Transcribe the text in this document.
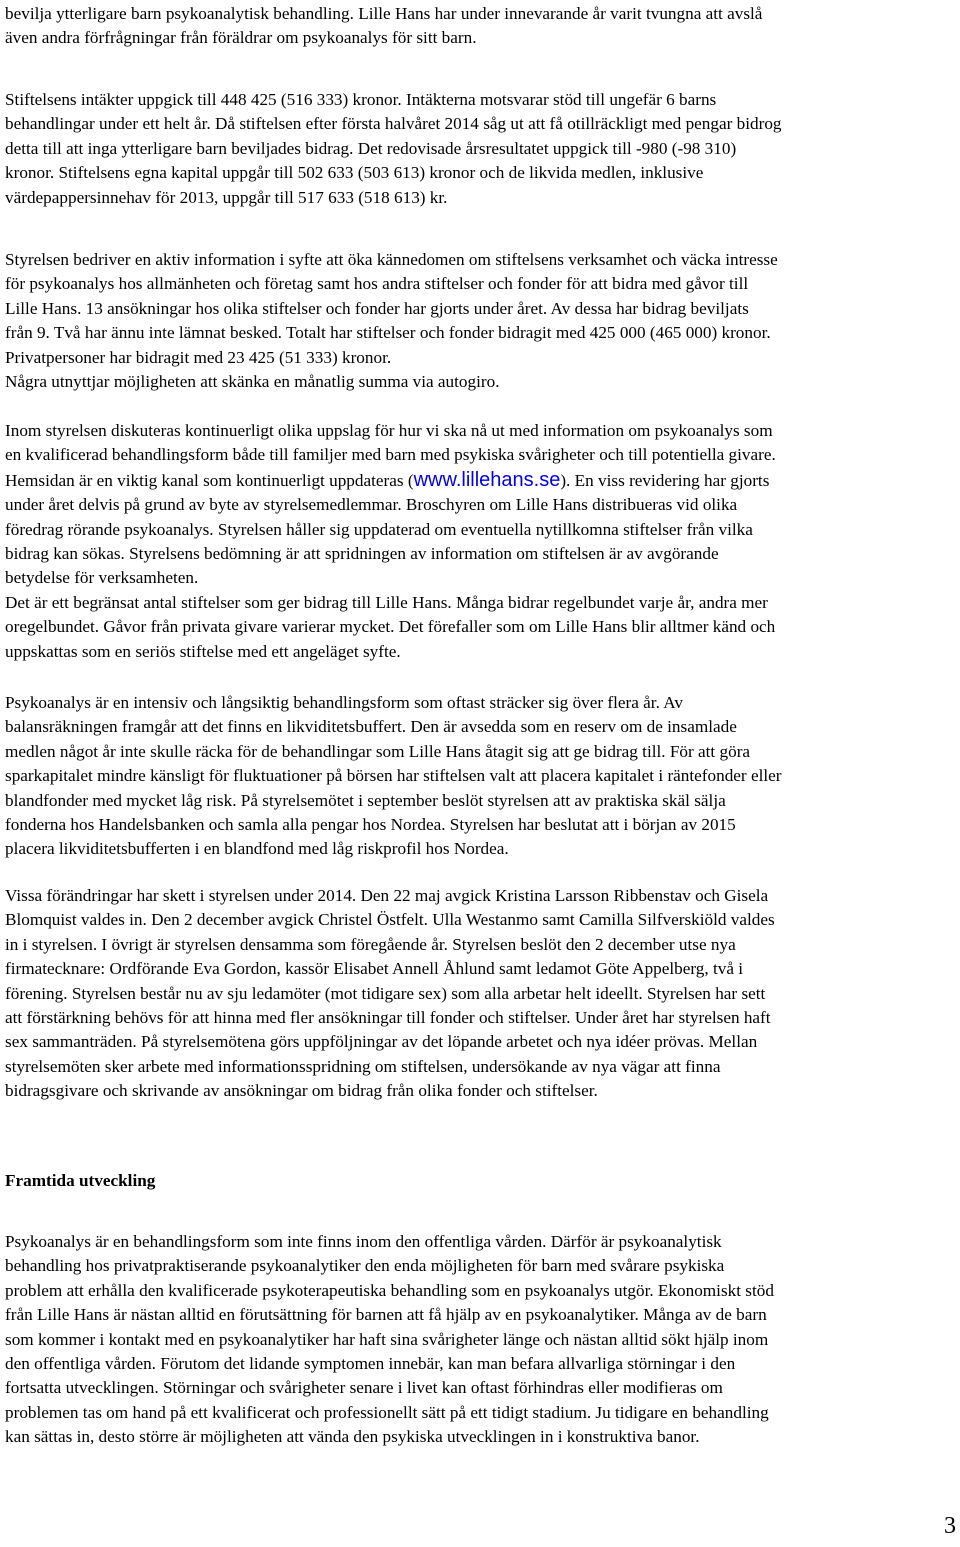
bevilja ytterligare barn psykoanalytisk behandling. Lille Hans har under innevarande år varit tvungna att avslå
även andra förfrågningar från föräldrar om psykoanalys för sitt barn.
Stiftelsens intäkter uppgick till 448 425 (516 333) kronor. Intäkterna motsvarar stöd till ungefär 6 barns
behandlingar under ett helt år. Då stiftelsen efter första halvåret 2014 såg ut att få otillräckligt med pengar bidrog
detta till att inga ytterligare barn beviljades bidrag. Det redovisade årsresultatet uppgick till -980 (-98 310)
kronor. Stiftelsens egna kapital uppgår till 502 633 (503 613) kronor och de likvida medlen, inklusive
värdepappersinnehav för 2013, uppgår till 517 633 (518 613) kr.
Styrelsen bedriver en aktiv information i syfte att öka kännedomen om stiftelsens verksamhet och väcka intresse
för psykoanalys hos allmänheten och företag samt hos andra stiftelser och fonder för att bidra med gåvor till
Lille Hans. 13 ansökningar hos olika stiftelser och fonder har gjorts under året. Av dessa har bidrag beviljats
från 9. Två har ännu inte lämnat besked. Totalt har stiftelser och fonder bidragit med 425 000 (465 000) kronor.
Privatpersoner har bidragit med 23 425 (51 333) kronor.
Några utnyttjar möjligheten att skänka en månatlig summa via autogiro.
Inom styrelsen diskuteras kontinuerligt olika uppslag för hur vi ska nå ut med information om psykoanalys som
en kvalificerad behandlingsform både till familjer med barn med psykiska svårigheter och till potentiella givare.
Hemsidan är en viktig kanal som kontinuerligt uppdateras (www.lillehans.se). En viss revidering har gjorts
under året delvis på grund av byte av styrelsemedlemmar. Broschyren om Lille Hans distribueras vid olika
föredrag rörande psykoanalys. Styrelsen håller sig uppdaterad om eventuella nytillkomna stiftelser från vilka
bidrag kan sökas. Styrelsens bedömning är att spridningen av information om stiftelsen är av avgörande
betydelse för verksamheten.
Det är ett begränsat antal stiftelser som ger bidrag till Lille Hans. Många bidrar regelbundet varje år, andra mer
oregelbundet. Gåvor från privata givare varierar mycket. Det förefaller som om Lille Hans blir alltmer känd och
uppskattas som en seriös stiftelse med ett angeläget syfte.
Psykoanalys är en intensiv och långsiktig behandlingsform som oftast sträcker sig över flera år. Av
balansräkningen framgår att det finns en likviditetsbuffert. Den är avsedda som en reserv om de insamlade
medlen något år inte skulle räcka för de behandlingar som Lille Hans åtagit sig att ge bidrag till. För att göra
sparkapitalet mindre känsligt för fluktuationer på börsen har stiftelsen valt att placera kapitalet i räntefonder eller
blandfonder med mycket låg risk. På styrelsemötet i september beslöt styrelsen att av praktiska skäl sälja
fonderna hos Handelsbanken och samla alla pengar hos Nordea. Styrelsen har beslutat att i början av 2015
placera likviditetsbufferten i en blandfond med låg riskprofil hos Nordea.
Vissa förändringar har skett i styrelsen under 2014. Den 22 maj avgick Kristina Larsson Ribbenstav och Gisela
Blomquist valdes in. Den 2 december avgick Christel Östfelt. Ulla Westanmo samt Camilla Silfverskiöld valdes
in i styrelsen. I övrigt är styrelsen densamma som föregående år. Styrelsen beslöt den 2 december utse nya
firmatecknare: Ordförande Eva Gordon, kassör Elisabet Annell Åhlund samt ledamot Göte Appelberg, två i
förening. Styrelsen består nu av sju ledamöter (mot tidigare sex) som alla arbetar helt ideellt. Styrelsen har sett
att förstärkning behövs för att hinna med fler ansökningar till fonder och stiftelser. Under året har styrelsen haft
sex sammanträden. På styrelsemötena görs uppföljningar av det löpande arbetet och nya idéer prövas. Mellan
styrelsemöten sker arbete med informationsspridning om stiftelsen, undersökande av nya vägar att finna
bidragsgivare och skrivande av ansökningar om bidrag från olika fonder och stiftelser.
Framtida utveckling
Psykoanalys är en behandlingsform som inte finns inom den offentliga vården. Därför är psykoanalytisk
behandling hos privatpraktiserande psykoanalytiker den enda möjligheten för barn med svårare psykiska
problem att erhålla den kvalificerade psykoterapeutiska behandling som en psykoanalys utgör. Ekonomiskt stöd
från Lille Hans är nästan alltid en förutsättning för barnen att få hjälp av en psykoanalytiker. Många av de barn
som kommer i kontakt med en psykoanalytiker har haft sina svårigheter länge och nästan alltid sökt hjälp inom
den offentliga vården. Förutom det lidande symptomen innebär, kan man befara allvarliga störningar i den
fortsatta utvecklingen. Störningar och svårigheter senare i livet kan oftast förhindras eller modifieras om
problemen tas om hand på ett kvalificerat och professionellt sätt på ett tidigt stadium. Ju tidigare en behandling
kan sättas in, desto större är möjligheten att vända den psykiska utvecklingen in i konstruktiva banor.
3
